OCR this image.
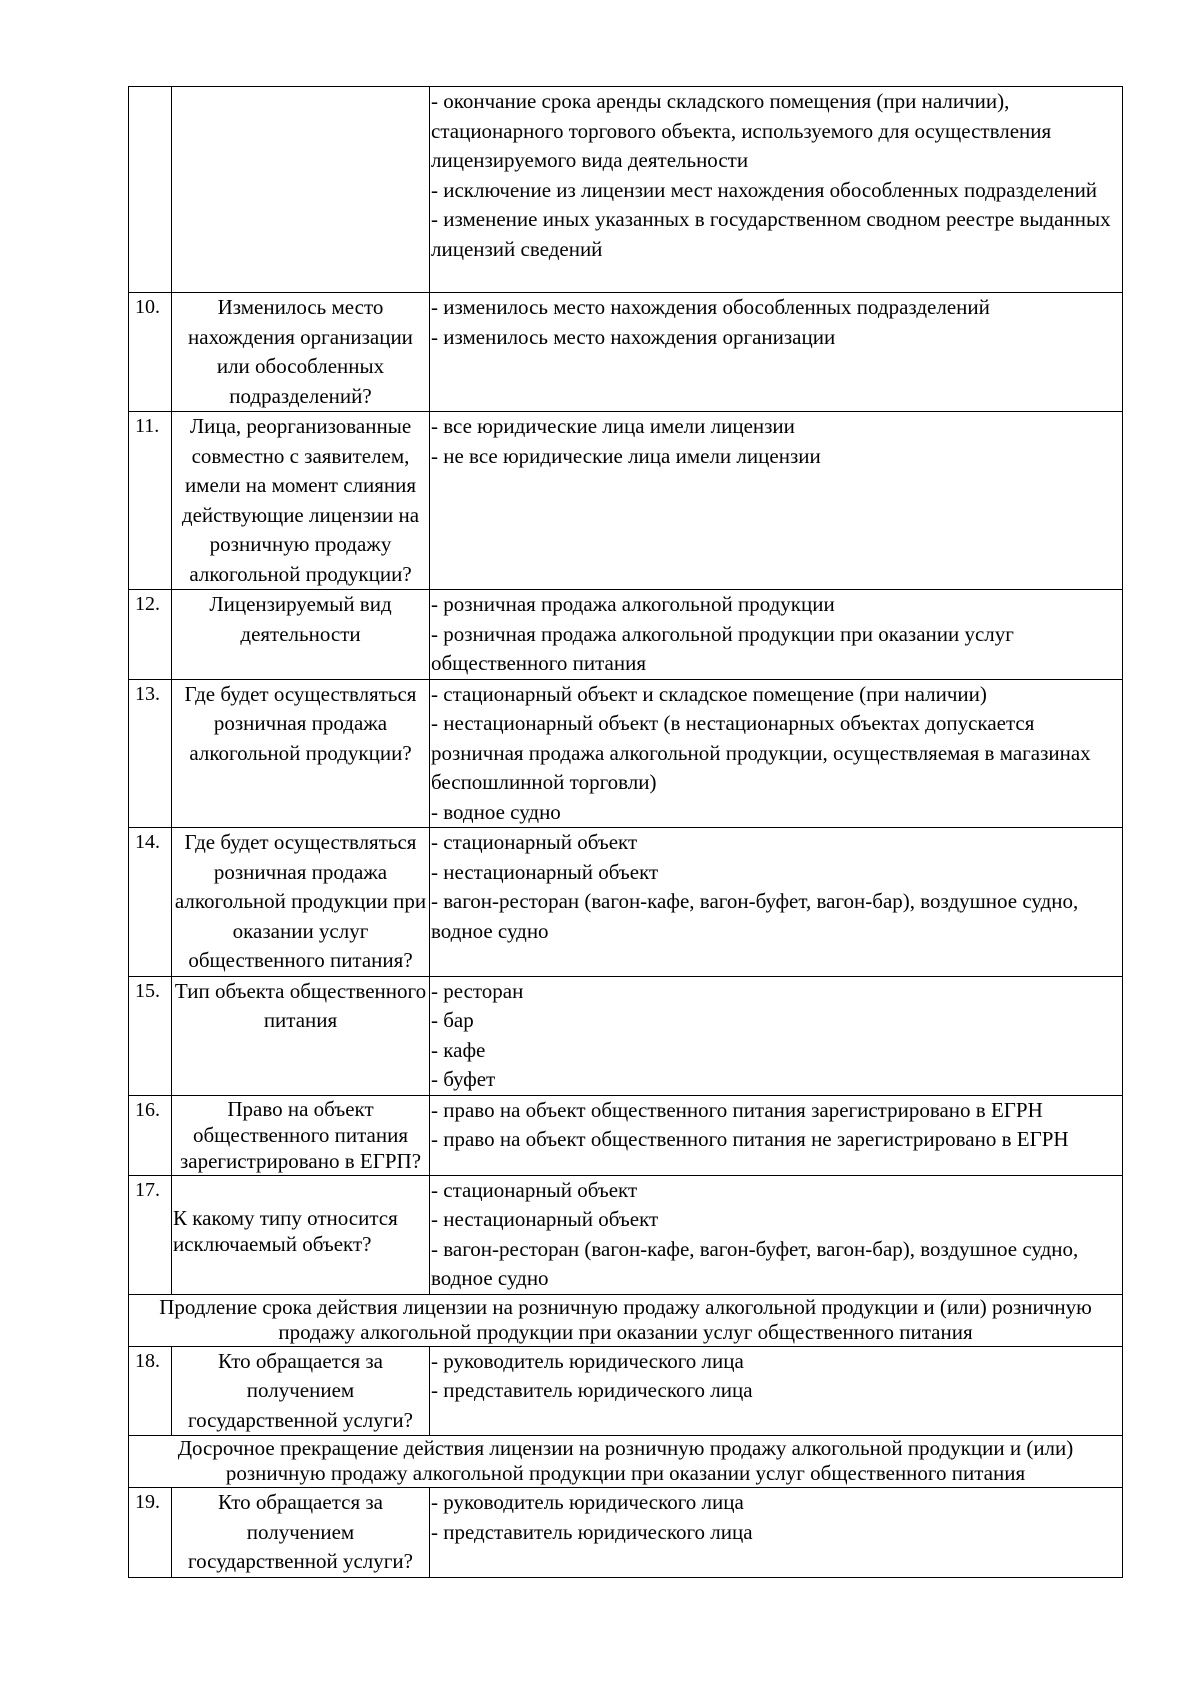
		- окончание срока аренды складского помещения (при наличии), стационарного торгового объекта, используемого для осуществления лицензируемого вида деятельности
- исключение из лицензии мест нахождения обособленных подразделений
- изменение иных указанных в государственном сводном реестре выданных лицензий сведений

10.	Изменилось место нахождения организации или обособленных подразделений?	- изменилось место нахождения обособленных подразделений
- изменилось место нахождения организации

11.	Лица, реорганизованные совместно с заявителем, имели на момент слияния действующие лицензии на розничную продажу алкогольной продукции?	- все юридические лица имели лицензии
- не все юридические лица имели лицензии

12.	Лицензируемый вид деятельности	- розничная продажа алкогольной продукции
- розничная продажа алкогольной продукции при оказании услуг общественного питания

13.	Где будет осуществляться розничная продажа алкогольной продукции?	- стационарный объект и складское помещение (при наличии)
- нестационарный объект (в нестационарных объектах допускается розничная продажа алкогольной продукции, осуществляемая в магазинах беспошлинной торговли)
- водное судно

14.	Где будет осуществляться розничная продажа алкогольной продукции при оказании услуг общественного питания?	- стационарный объект
- нестационарный объект
- вагон-ресторан (вагон-кафе, вагон-буфет, вагон-бар), воздушное судно, водное судно

15.	Тип объекта общественного питания	- ресторан
- бар
- кафе
- буфет

16.	Право на объект общественного питания зарегистрировано в ЕГРП?	- право на объект общественного питания зарегистрировано в ЕГРН
- право на объект общественного питания не зарегистрировано в ЕГРН

17.	К какому типу относится исключаемый объект?	- стационарный объект
- нестационарный объект
- вагон-ресторан (вагон-кафе, вагон-буфет, вагон-бар), воздушное судно, водное судно

Продление срока действия лицензии на розничную продажу алкогольной продукции и (или) розничную продажу алкогольной продукции при оказании услуг общественного питания		
18.	Кто обращается за получением государственной услуги?	- руководитель юридического лица
- представитель юридического лица

Досрочное прекращение действия лицензии на розничную продажу алкогольной продукции и (или) розничную продажу алкогольной продукции при оказании услуг общественного питания		
19.	Кто обращается за получением государственной услуги?	- руководитель юридического лица
- представитель юридического лица
